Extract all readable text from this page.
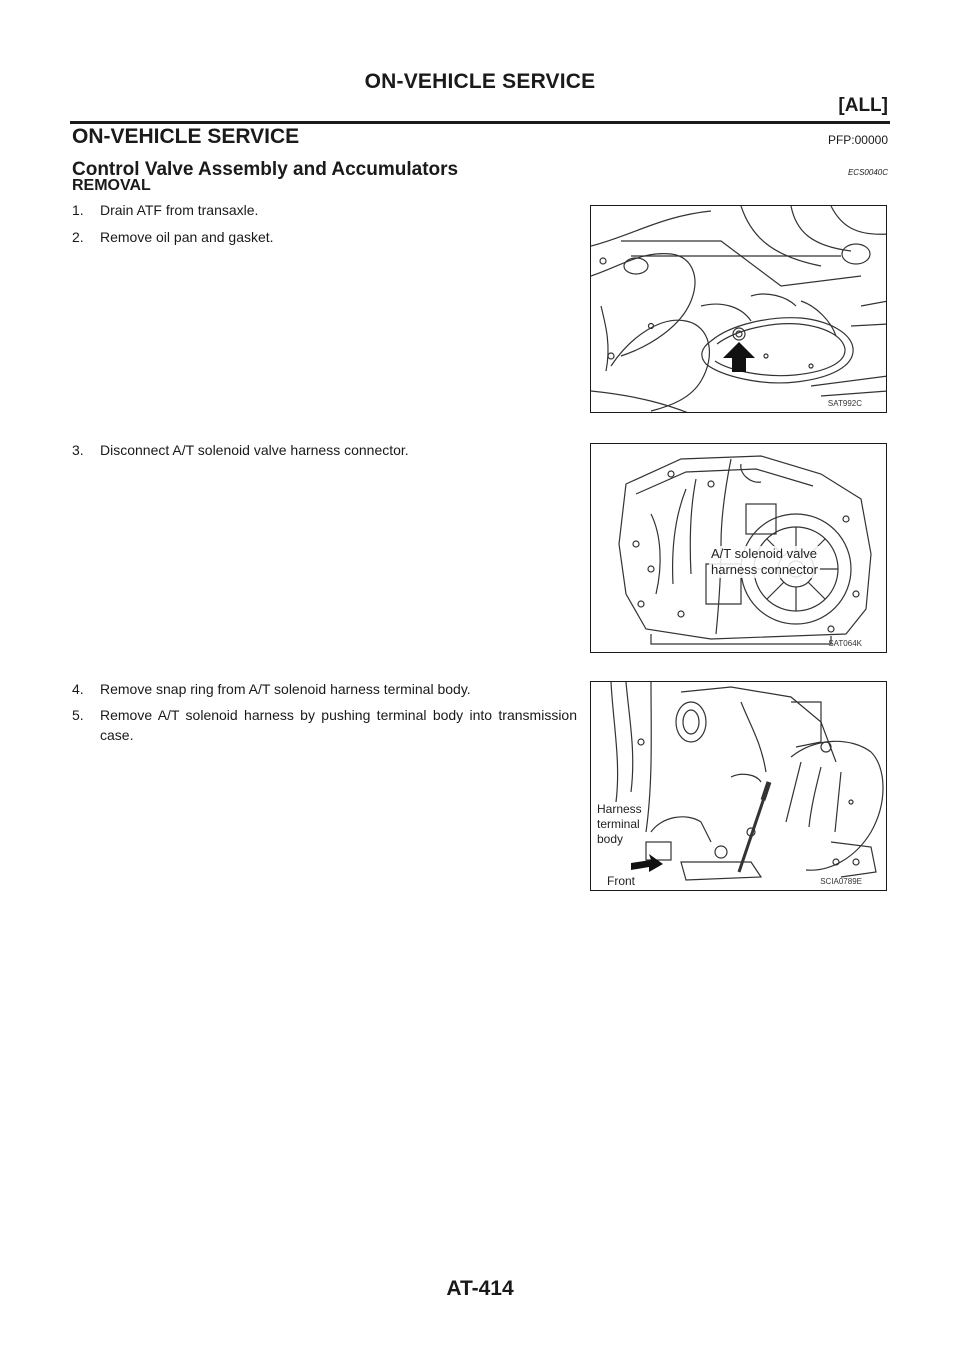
ON-VEHICLE SERVICE
[ALL]
ON-VEHICLE SERVICE	PFP:00000
Control Valve Assembly and Accumulators	ECS0040C
REMOVAL
1. Drain ATF from transaxle.
2. Remove oil pan and gasket.
3. Disconnect A/T solenoid valve harness connector.
4. Remove snap ring from A/T solenoid harness terminal body.
5. Remove A/T solenoid harness by pushing terminal body into transmission case.
SAT992C
A/T solenoid valve
harness connector
SAT064K
Harness
terminal
body
Front	SCIA0789E
AT-414
